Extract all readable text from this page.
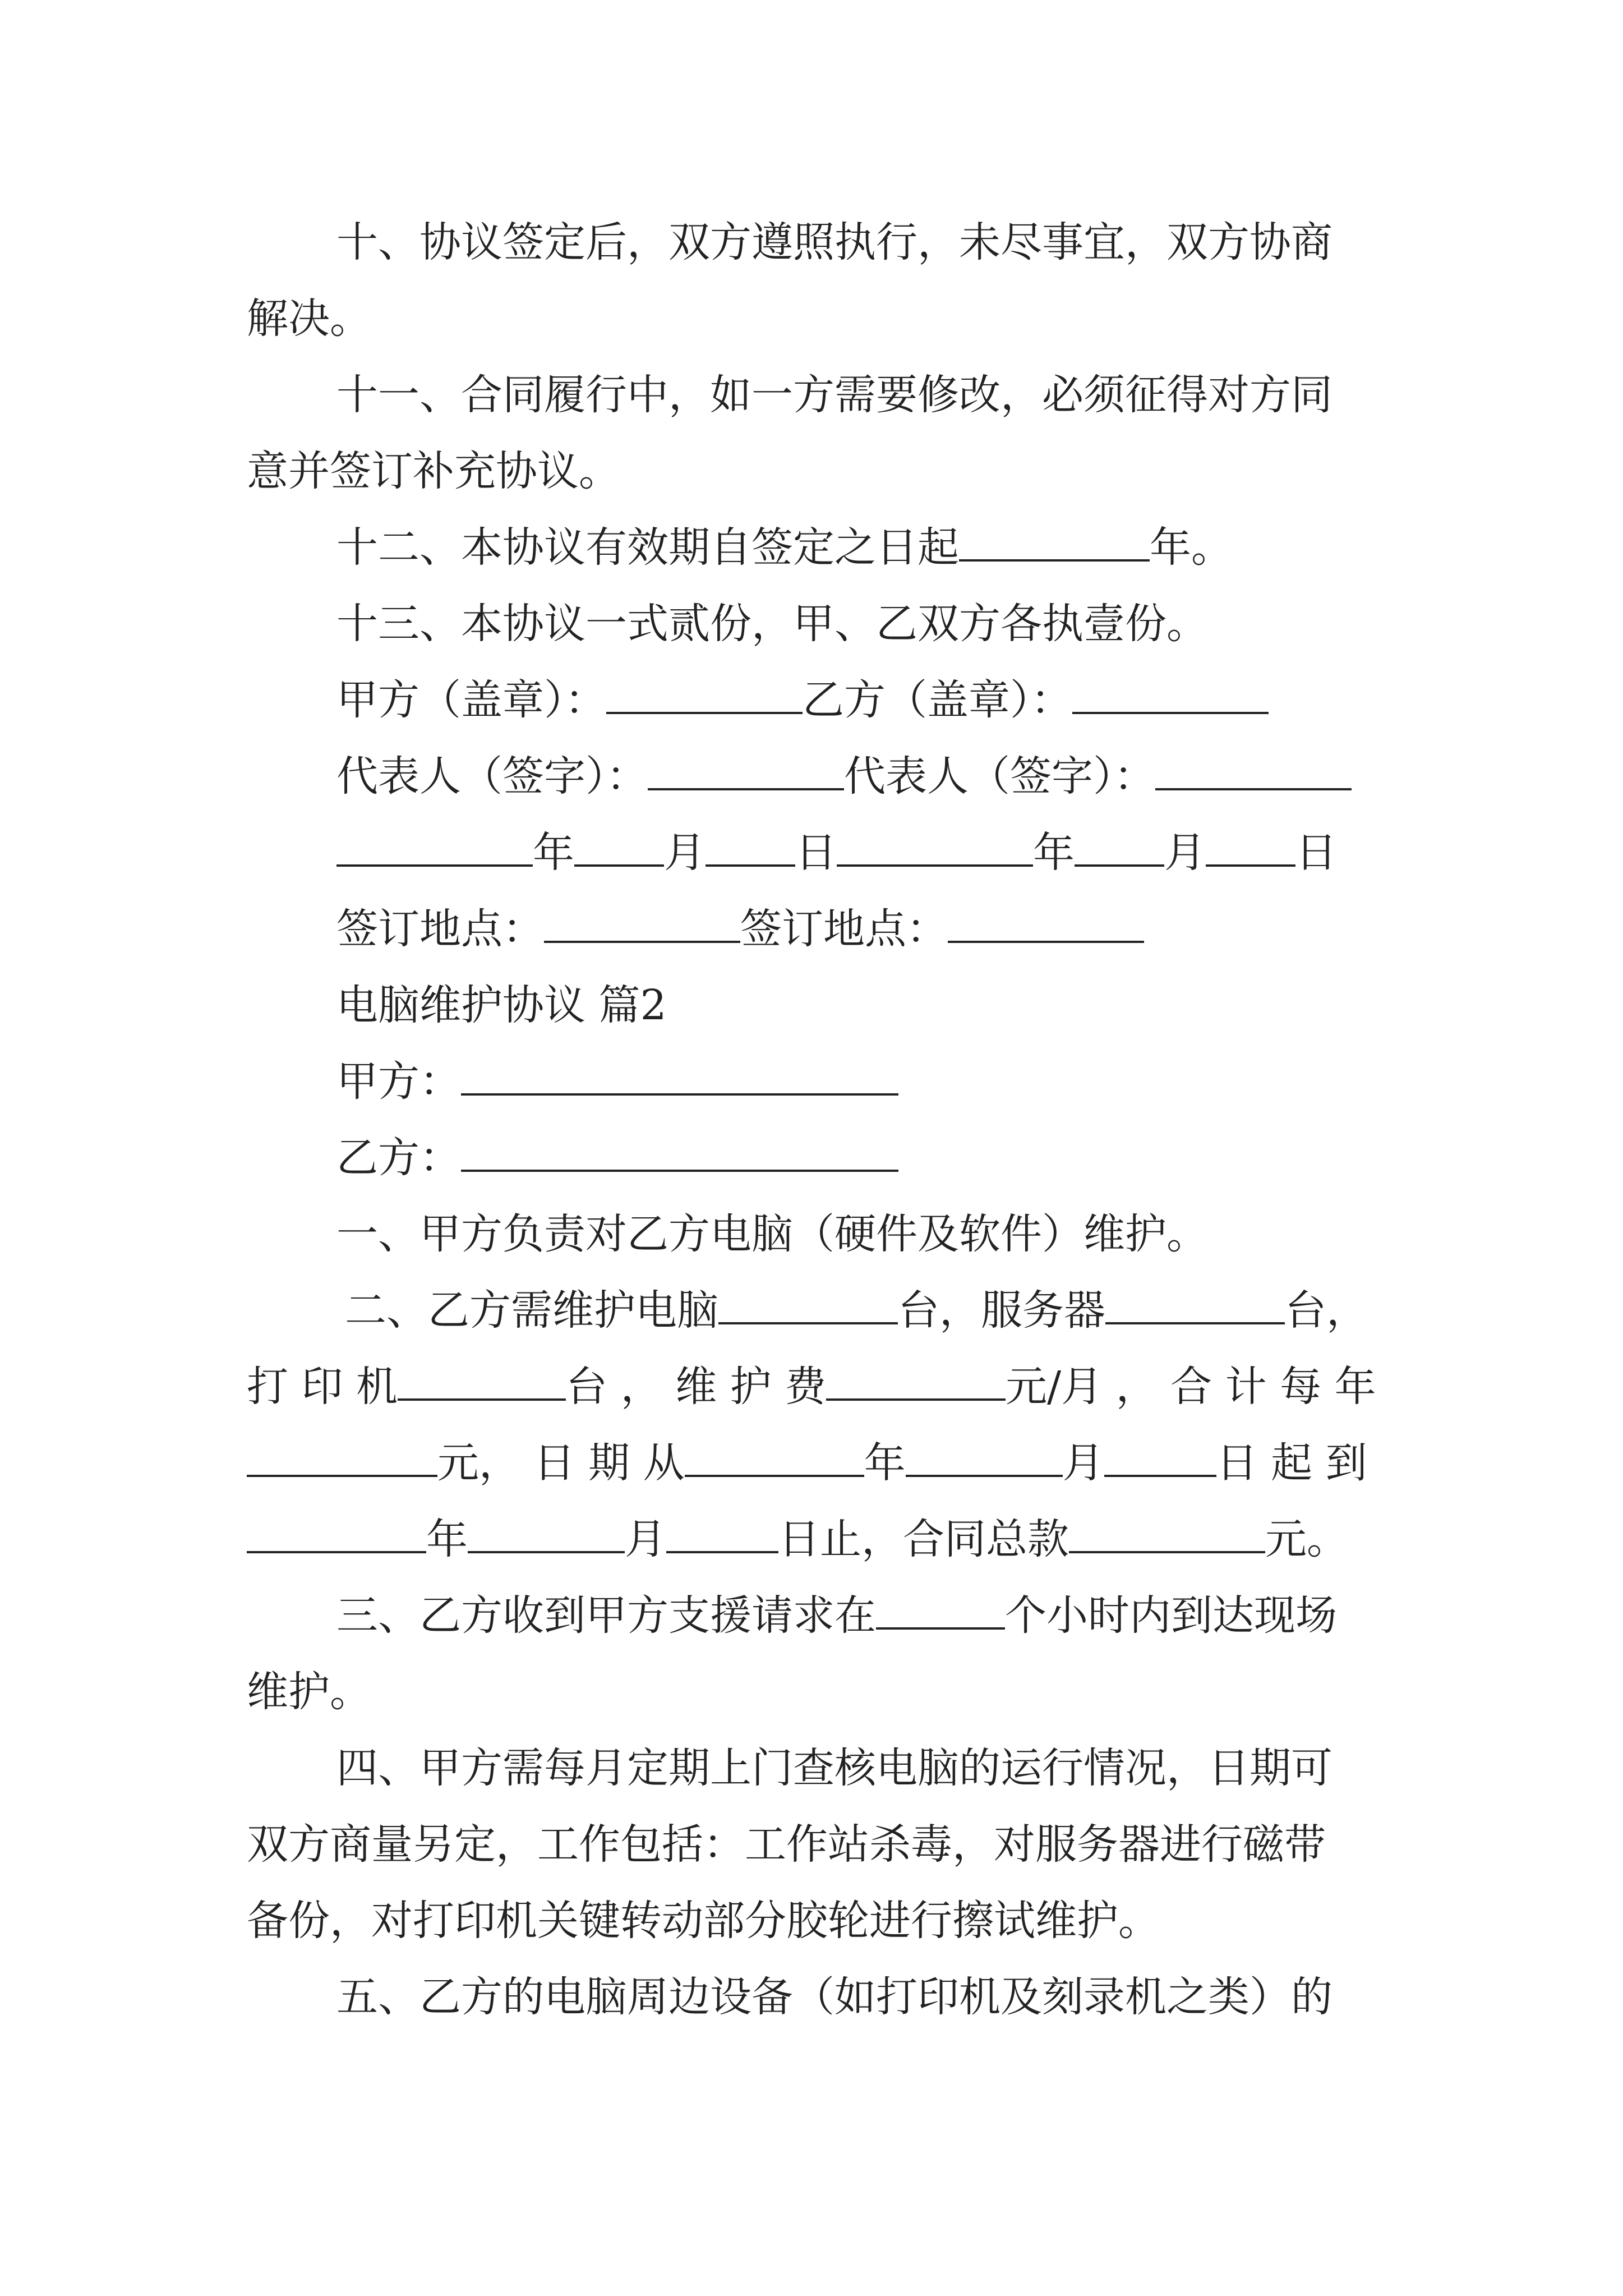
十、协议签定后，双方遵照执行，未尽事宜，双方协商
解决。
十一、合同履行中，如一方需要修改，必须征得对方同
意并签订补充协议。
十二、本协议有效期自签定之日起	年。
十三、本协议一式贰份，甲、乙双方各执壹份。
甲方（盖章）：	乙方（盖章）：
代表人（签字）：	代表人（签字）：
年 月 日	年 月 日
签订地点：	签订地点：
电脑维护协议 篇2
甲方：
乙方：
一、甲方负责对乙方电脑（硬件及软件）维护。
二、乙方需维护电脑	台，服务器	台，
打 印 机	台 ， 维 护 费	元/月 ， 合 计 每 年
元， 日 期 从	年	月	日 起 到
年	月	日止，合同总款	元。
三、乙方收到甲方支援请求在	个小时内到达现场
维护。
四、甲方需每月定期上门查核电脑的运行情况，日期可
双方商量另定，工作包括：工作站杀毒，对服务器进行磁带
备份，对打印机关键转动部分胶轮进行擦试维护。
五、乙方的电脑周边设备（如打印机及刻录机之类）的
